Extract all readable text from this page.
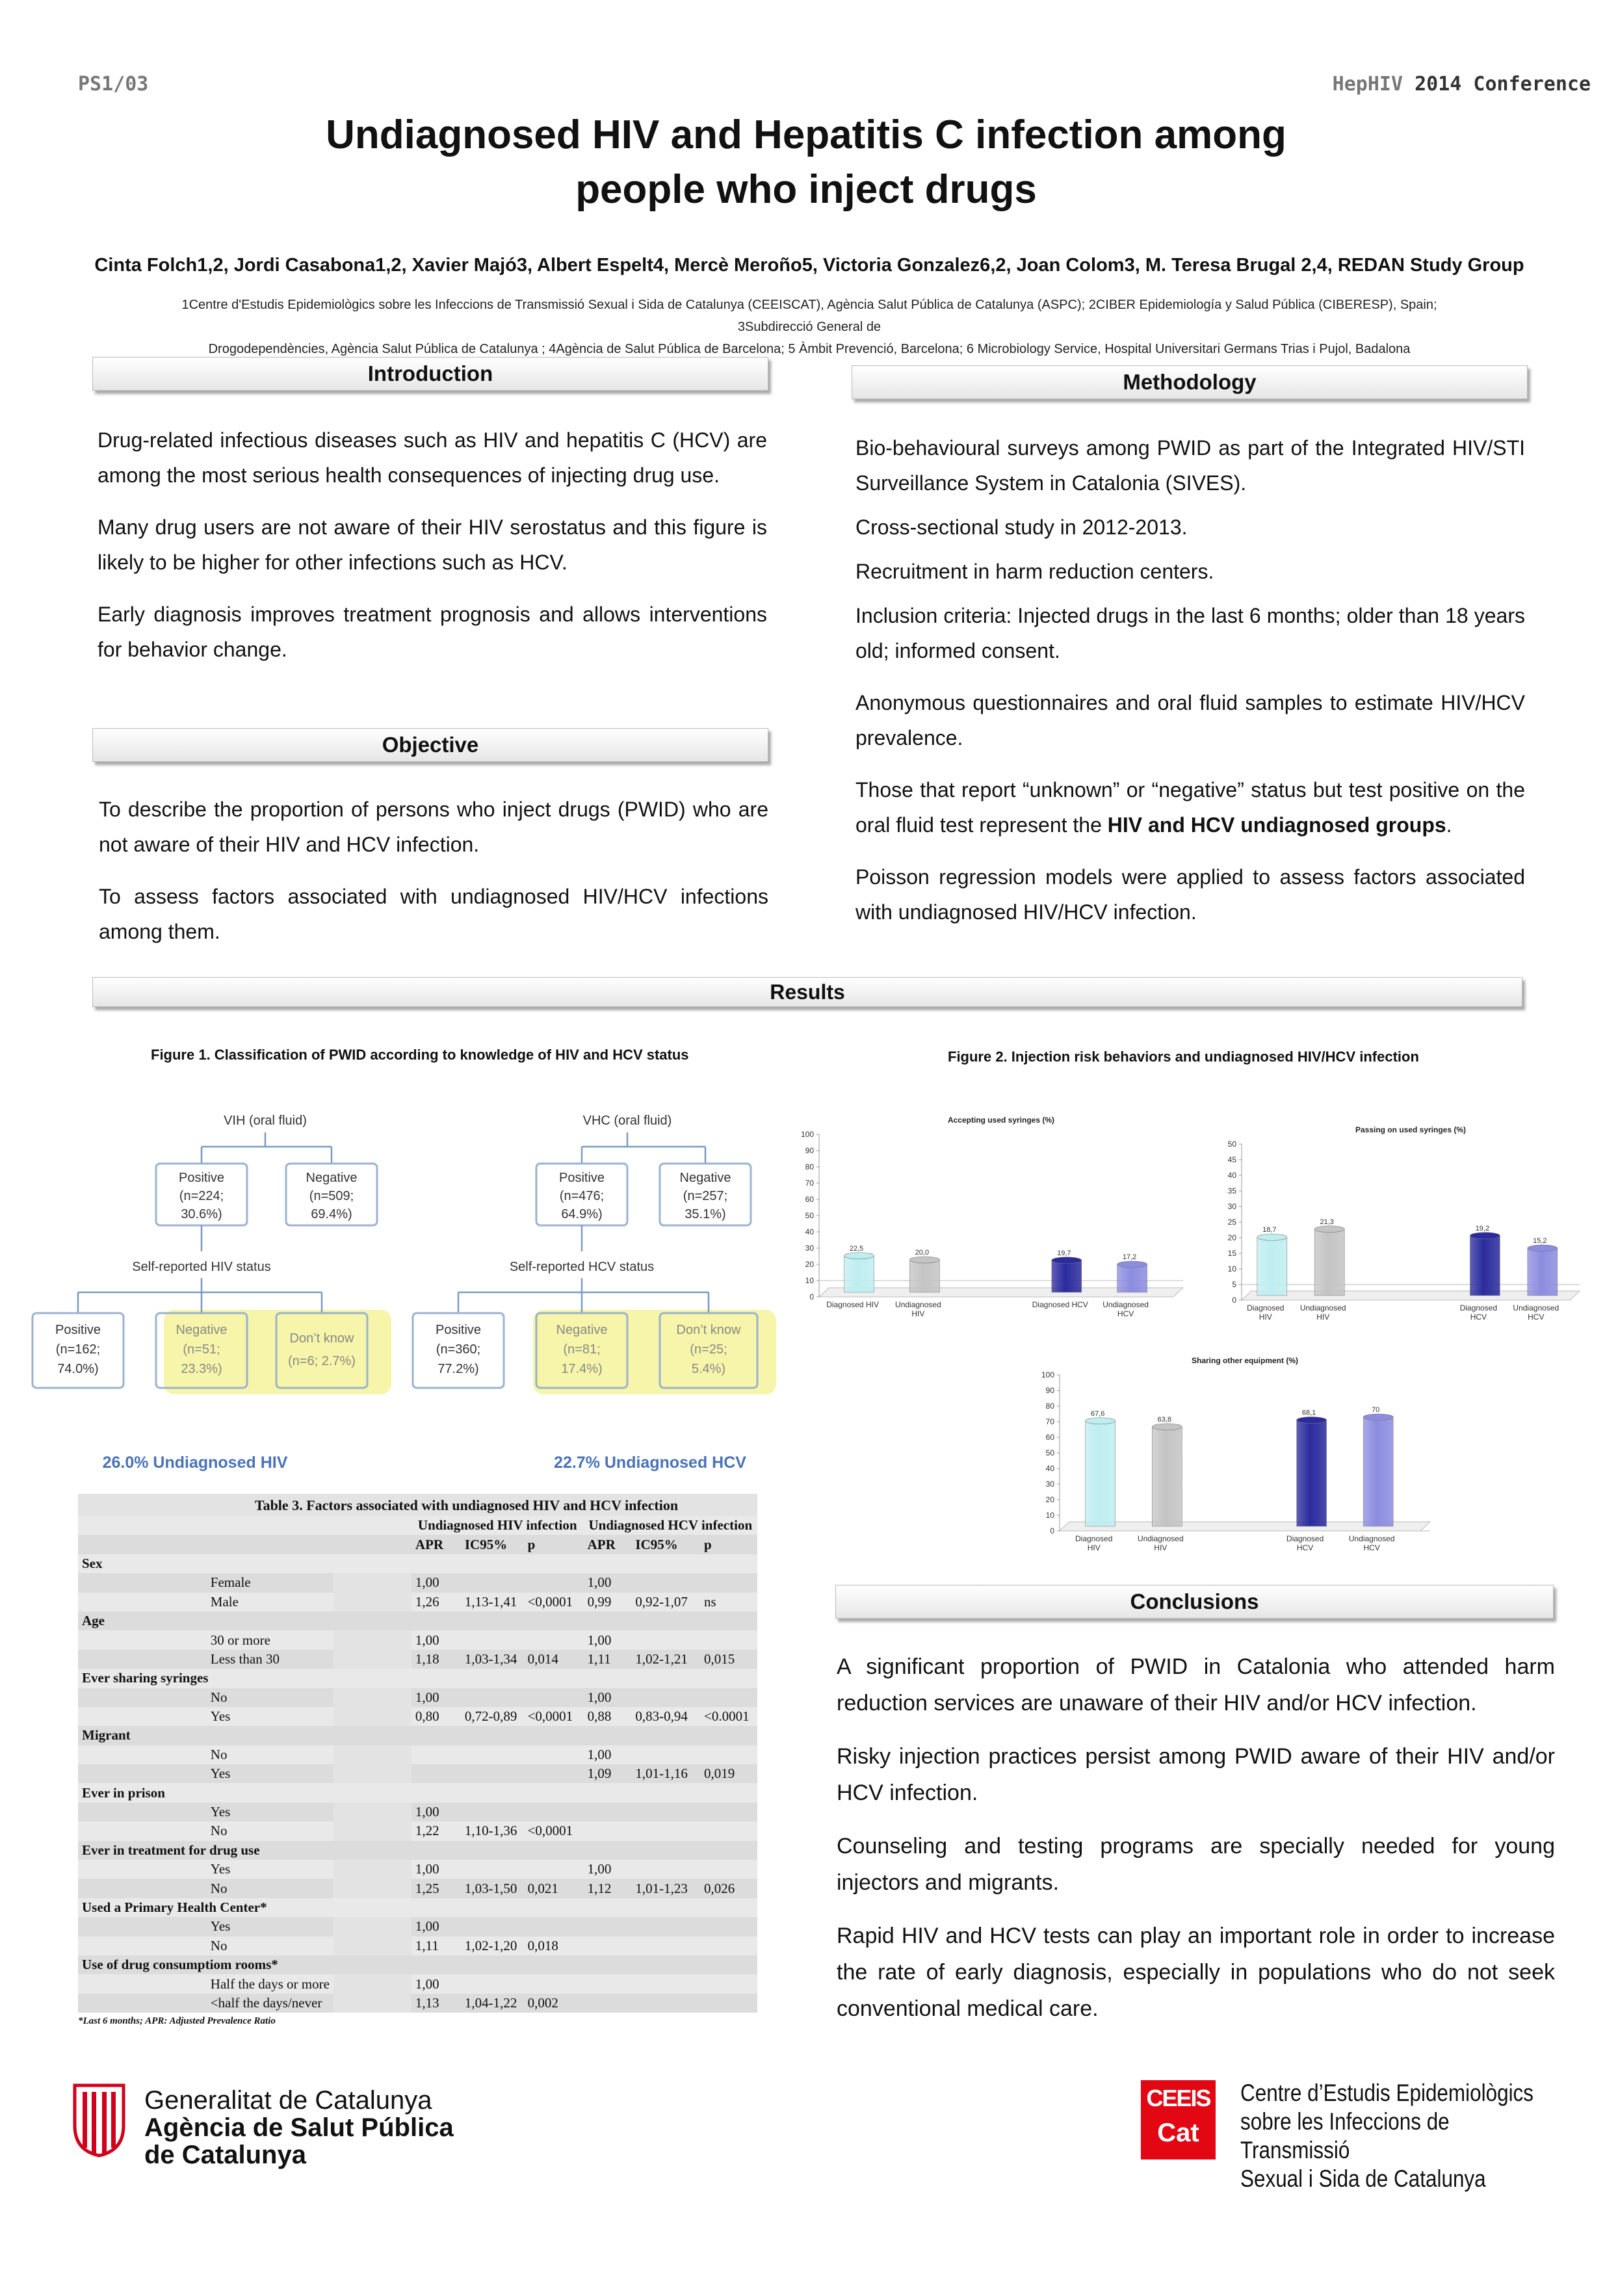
PS1/03	HepHIV 2014 Conference
Undiagnosed HIV and Hepatitis C infection among
people who inject drugs
Cinta Folch1,2, Jordi Casabona1,2, Xavier Majó3, Albert Espelt4, Mercè Meroño5, Victoria Gonzalez6,2, Joan Colom3, M. Teresa Brugal 2,4, REDAN Study Group
1Centre d'Estudis Epidemiològics sobre les Infeccions de Transmissió Sexual i Sida de Catalunya (CEEISCAT), Agència Salut Pública de Catalunya (ASPC); 2CIBER Epidemiología y Salud Pública (CIBERESP), Spain; 3Subdirecció General de
Drogodependències, Agència Salut Pública de Catalunya ; 4Agència de Salut Pública de Barcelona; 5 Àmbit Prevenció, Barcelona; 6 Microbiology Service, Hospital Universitari Germans Trias i Pujol, Badalona
Introduction

Drug-related infectious diseases such as HIV and hepatitis C (HCV) are among the most serious health consequences of injecting drug use.

Many drug users are not aware of their HIV serostatus and this figure is likely to be higher for other infections such as HCV.

Early diagnosis improves treatment prognosis and allows interventions for behavior change.

Objective

To describe the proportion of persons who inject drugs (PWID) who are not aware of their HIV and HCV infection.

To assess factors associated with undiagnosed HIV/HCV infections among them.

Methodology

Bio-behavioural surveys among PWID as part of the Integrated HIV/STI Surveillance System in Catalonia (SIVES).

Cross-sectional study in 2012-2013.

Recruitment in harm reduction centers.

Inclusion criteria: Injected drugs in the last 6 months; older than 18 years old; informed consent.

Anonymous questionnaires and oral fluid samples to estimate HIV/HCV prevalence.

Those that report “unknown” or “negative” status but test positive on the oral fluid test represent the HIV and HCV undiagnosed groups.

Poisson regression models were applied to assess factors associated with undiagnosed HIV/HCV infection.

Results
Figure 1. Classification of PWID according to knowledge of HIV and HCV status
VIH (oral fluid)
Positive
(n=224;
30.6%)
Negative
(n=509;
69.4%)
Self-reported HIV status
Positive
(n=162;
74.0%)
Negative
(n=51;
23.3%)
Don’t know
(n=6; 2.7%)
26.0% Undiagnosed HIV
VHC (oral fluid)
Positive
(n=476;
64.9%)
Negative
(n=257;
35.1%)
Self-reported HCV status
Positive
(n=360;
77.2%)
Negative
(n=81;
17.4%)
Don’t know
(n=25;
5.4%)
22.7% Undiagnosed HCV
Table 3. Factors associated with undiagnosed HIV and HCV infection
		Undiagnosed HIV infection	Undiagnosed HCV infection
		APR	IC95%	p	APR	IC95%	p
Sex							
	Female	1,00			1,00		
	Male	1,26	1,13-1,41	<0,0001	0,99	0,92-1,07	ns
Age							
	30 or more	1,00			1,00		
	Less than 30	1,18	1,03-1,34	0,014	1,11	1,02-1,21	0,015
Ever sharing syringes							
	No	1,00			1,00		
	Yes	0,80	0,72-0,89	<0,0001	0,88	0,83-0,94	<0.0001
Migrant							
	No				1,00		
	Yes				1,09	1,01-1,16	0,019
Ever in prison							
	Yes	1,00					
	No	1,22	1,10-1,36	<0,0001			
Ever in treatment for drug use							
	Yes	1,00			1,00		
	No	1,25	1,03-1,50	0,021	1,12	1,01-1,23	0,026
Used a Primary Health Center*							
	Yes	1,00					
	No	1,11	1,02-1,20	0,018			
Use of drug consumptiom rooms*							
	Half the days or more	1,00					
	<half the days/never	1,13	1,04-1,22	0,002			
*Last 6 months; APR: Adjusted Prevalence Ratio
Figure 2. Injection risk behaviors and undiagnosed HIV/HCV infection
Accepting used syringes (%)
0
10
20
30
40
50
60
70
80
90
100
22,5
Diagnosed HIV
20,0
Undiagnosed
HIV
19,7
Diagnosed HCV
17,2
Undiagnosed
HCV
Passing on used syringes (%)
0
5
10
15
20
25
30
35
40
45
50
18,7
Diagnosed
HIV
21,3
Undiagnosed
HIV
19,2
Diagnosed
HCV
15,2
Undiagnosed
HCV
Sharing other equipment (%)
0
10
20
30
40
50
60
70
80
90
100
67,6
Diagnosed
HIV
63,8
Undiagnosed
HIV
68,1
Diagnosed
HCV
70
Undiagnosed
HCV
Conclusions

A significant proportion of PWID in Catalonia who attended harm reduction services are unaware of their HIV and/or HCV infection.

Risky injection practices persist among PWID aware of their HIV and/or HCV infection.

Counseling and testing programs are specially needed for young injectors and migrants.

Rapid HIV and HCV tests can play an important role in order to increase the rate of early diagnosis, especially in populations who do not seek conventional medical care.

Generalitat de Catalunya
Agència de Salut Pública
de Catalunya
CEEIS
Cat
Centre d’Estudis Epidemiològics
sobre les Infeccions de Transmissió
Sexual i Sida de Catalunya
